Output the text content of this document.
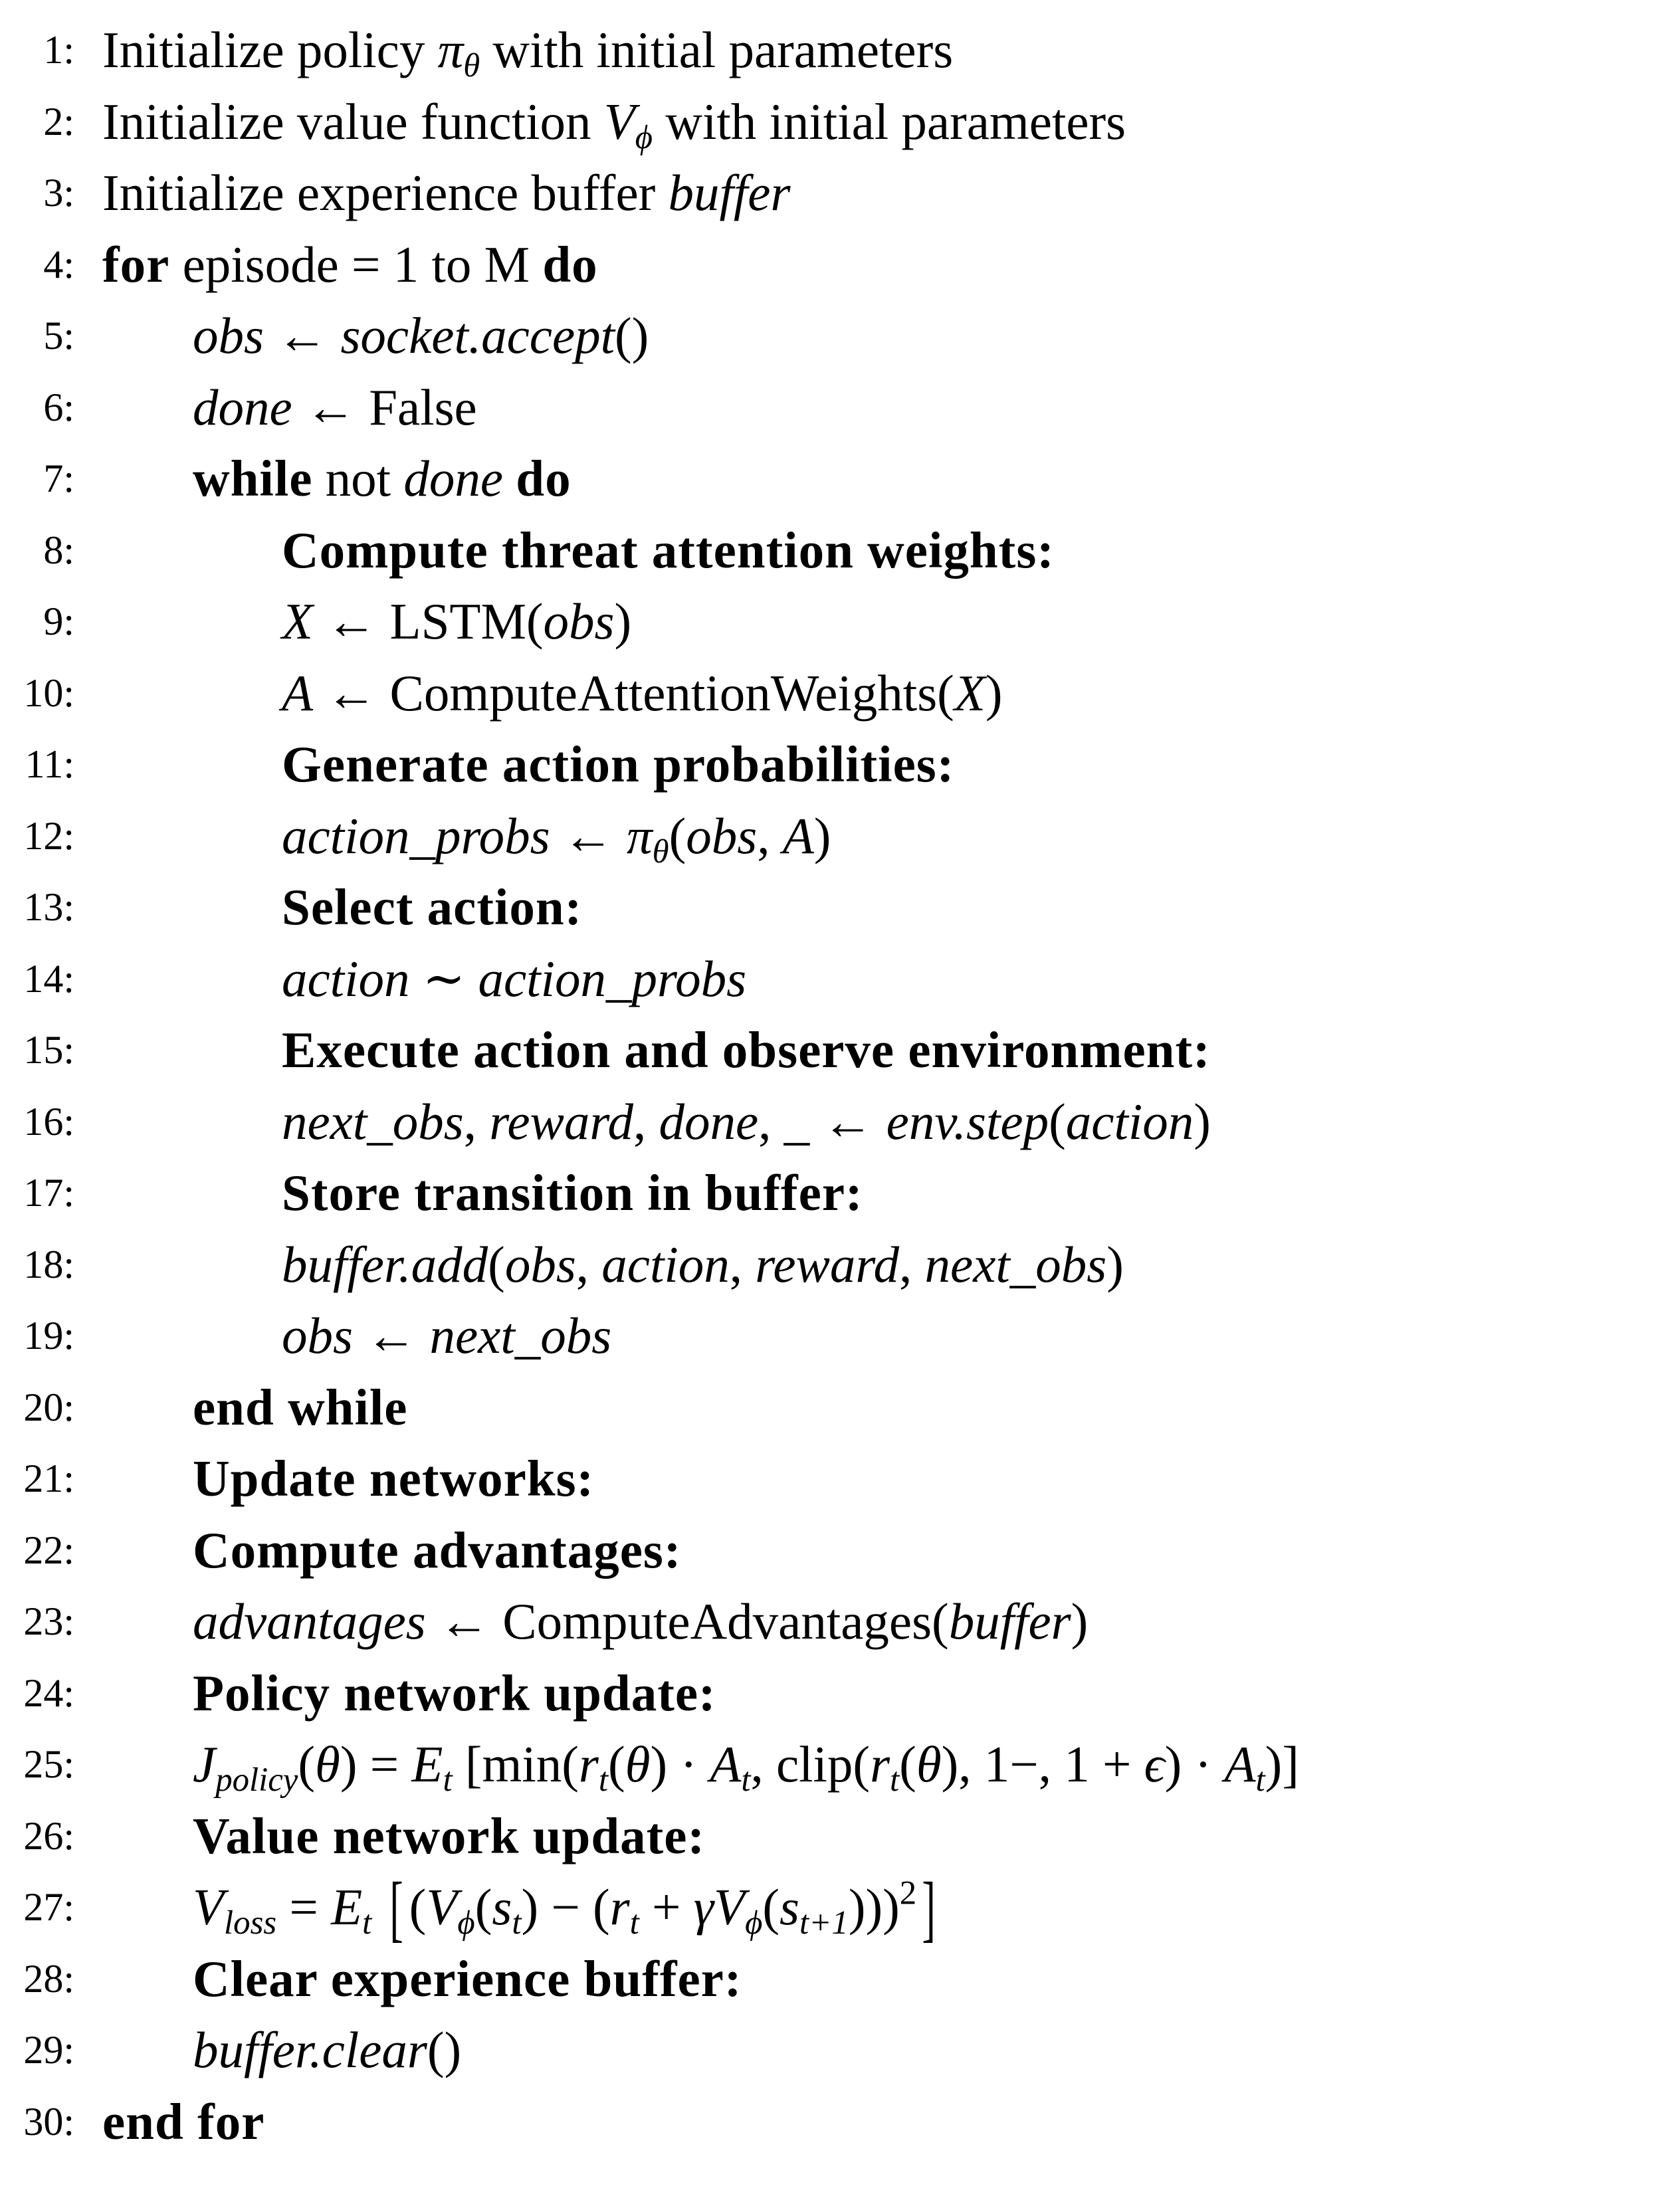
1: Initialize policy $\pi_\theta$ with initial parameters
2: Initialize value function $V_\phi$ with initial parameters
3: Initialize experience buffer buffer
4: for episode = 1 to M do
5: obs ← socket.accept()
6: done ← False
7: while not done do
8:	Compute threat attention weights:
9:	X ← LSTM(obs)
10:	A ← ComputeAttentionWeights(X)
11:	Generate action probabilities:
12:	action_probs ← $\pi_\theta(obs$, A)
13:	Select action:
14:	action ∼ action_probs
15:	Execute action and observe environment:
16:	next_obs, reward, done, _ ← env.step(action)
17:	Store transition in buffer:
18:	buffer.add(obs, action, reward, next_obs)
19:	obs ← next_obs
20: end while
21: Update networks:
22: Compute advantages:
23: advantages ← ComputeAdvantages(buffer)
24: Policy network update:
25: $J_{policy}(\theta) = E_t$ [$\min(r_t(\theta) \cdot A_t$, $clip(r_t(\theta)$, 1−, $1 + \epsilon) \cdot A_t$)]
26: Value network update:
27: $V_{loss} = E_t$ [ $(V_\phi(s_t) - (r_t + \gamma V_\phi(s_{t+1})))^2$]
28: Clear experience buffer:
29: buffer.clear()
30: end for
